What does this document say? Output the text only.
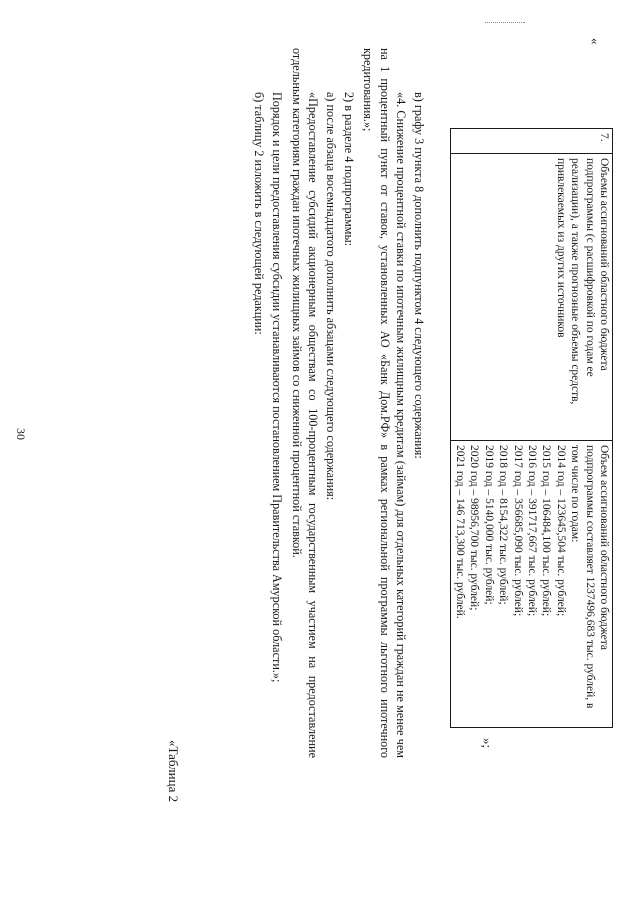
30
«
7.	Объемы ассигнований областного бюджета подпрограммы (с расшифровкой по годам ее реализации), а также прогнозные объемы средств, привлекаемых из других источников	Объем ассигнований областного бюджета подпрограммы составляет 1237496,683 тыс. рублей, в том числе по годам:
2014 год – 123645,504 тыс. рублей;
2015 год – 106484,100 тыс. рублей;
2016 год – 391717,667 тыс. рублей;
2017 год – 356685,090 тыс. рублей;
2018 год – 8154,322 тыс. рублей;
2019 год – 5140,000 тыс. рублей;
2020 год – 98956,700 тыс. рублей;
2021 год – 146 713,300 тыс. рублей.
»;

в) графу 3 пункта 8 дополнить подпунктом 4 следующего содержания:

«4. Снижение процентной ставки по ипотечным жилищным кредитам (займам) для отдельных категорий граждан не менее чем на 1 процентный пункт от ставок, установленных АО «Банк Дом.РФ» в рамках региональной программы льготного ипотечного кредитования.»;

2) в разделе 4 подпрограммы:

а) после абзаца восемнадцатого дополнить абзацами следующего содержания:

«Предоставление субсидий акционерным обществам со 100-процентным государственным участием на предоставление отдельным категориям граждан ипотечных жилищных займов со сниженной процентной ставкой.

Порядок и цели предоставления субсидии устанавливаются постановлением Правительства Амурской области.»;

б) таблицу 2 изложить в следующей редакции:

«Таблица 2
